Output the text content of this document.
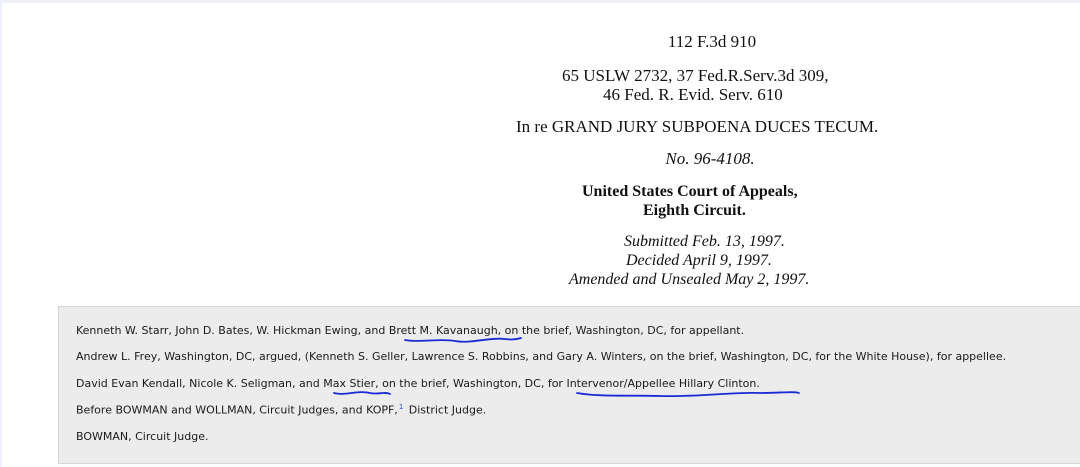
112 F.3d 910
65 USLW 2732, 37 Fed.R.Serv.3d 309,
46 Fed. R. Evid. Serv. 610
In re GRAND JURY SUBPOENA DUCES TECUM.
No. 96-4108.
United States Court of Appeals,
Eighth Circuit.
Submitted Feb. 13, 1997.
Decided April 9, 1997.
Amended and Unsealed May 2, 1997.
Kenneth W. Starr, John D. Bates, W. Hickman Ewing, and Brett M. Kavanaugh, on the brief, Washington, DC, for appellant.
Andrew L. Frey, Washington, DC, argued, (Kenneth S. Geller, Lawrence S. Robbins, and Gary A. Winters, on the brief, Washington, DC, for the White House), for appellee.
David Evan Kendall, Nicole K. Seligman, and Max Stier, on the brief, Washington, DC, for Intervenor/Appellee Hillary Clinton.
Before BOWMAN and WOLLMAN, Circuit Judges, and KOPF,$^1$ District Judge.
BOWMAN, Circuit Judge.
